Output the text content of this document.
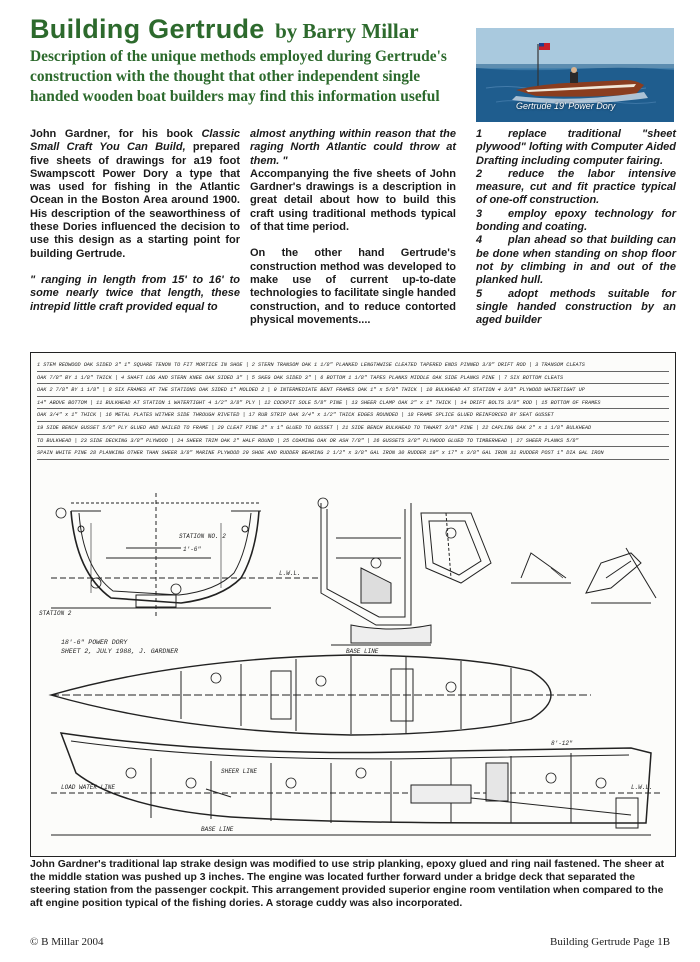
Building Gertrude by Barry Millar
Description of the unique methods employed during Gertrude's construction with the thought that other independent single handed wooden boat builders may find this information useful
Gertrude 19' Power Dory

John Gardner, for his book Classic Small Craft You Can Build, prepared five sheets of drawings for a19 foot Swampscott Power Dory a type that was used for fishing in the Atlantic Ocean in the Boston Area around 1900. His description of the seaworthiness of these Dories influenced the decision to use this design as a starting point for building Gertrude.

" ranging in length from 15' to 16' to some nearly twice that length, these intrepid little craft provided equal to

almost anything within reason that the raging North Atlantic could throw at them. "

Accompanying the five sheets of John Gardner's drawings is a description in great detail about how to build this craft using traditional methods typical of that time period.

On the other hand Gertrude's construction method was developed to make use of current up-to-date technologies to facilitate single handed construction, and to reduce contorted physical movements....

1 replace traditional "sheet plywood" lofting with Computer Aided Drafting including computer fairing.
2 reduce the labor intensive measure, cut and fit practice typical of one-off construction.
3 employ epoxy technology for bonding and coating.
4 plan ahead so that building can be done when standing on shop floor not by climbing in and out of the planked hull.
5 adopt methods suitable for single handed construction by an aged builder
1 STEM REDWOOD OAK SIDED 3" 1" SQUARE TENON TO FIT MORTICE IN SHOE | 2 STERN TRANSOM OAK 1 1/8" PLANKED LENGTHWISE CLEATED TAPERED ENDS PINNED 3/8" DRIFT ROD | 3 TRANSOM CLEATS
OAK 7/8" BY 1 1/8" THICK | 4 SHAFT LOG AND STERN KNEE OAK SIDED 3" | 5 SKEG OAK SIDED 3" | 6 BOTTOM 1 1/8" TAPES PLANKS MIDDLE OAK SIDE PLANKS PINE | 7 SIX BOTTOM CLEATS
OAK 2 7/8" BY 1 1/8" | 8 SIX FRAMES AT THE STATIONS OAK SIDED 1" MOLDED 2 | 9 INTERMEDIATE BENT FRAMES OAK 1" x 5/8" THICK | 10 BULKHEAD AT STATION 4 3/8" PLYWOOD WATERTIGHT UP
14" ABOVE BOTTOM | 11 BULKHEAD AT STATION 1 WATERTIGHT 4 1/2" 3/8" PLY | 12 COCKPIT SOLE 5/8" PINE | 13 SHEER CLAMP OAK 2" x 1" THICK | 14 DRIFT BOLTS 3/8" ROD | 15 BOTTOM OF FRAMES
OAK 3/4" x 1" THICK | 16 METAL PLATES WITHER SIDE THROUGH RIVETED | 17 RUB STRIP OAK 3/4" x 1/2" THICK EDGES ROUNDED | 18 FRAME SPLICE GLUED REINFORCED BY SEAT GUSSET
19 SIDE BENCH GUSSET 5/8" PLY GLUED AND NAILED TO FRAME | 20 CLEAT PINE 2" x 1" GLUED TO GUSSET | 21 SIDE BENCH BULKHEAD TO THWART 3/8" PINE | 22 CAPLING OAK 2" x 1 1/8" BULKHEAD
TO BULKHEAD | 23 SIDE DECKING 3/8" PLYWOOD | 24 SHEER TRIM OAK 2" HALF ROUND | 25 COAMING OAK OR ASH 7/8" | 26 GUSSETS 3/8" PLYWOOD GLUED TO TIMBERHEAD | 27 SHEER PLANKS 5/8"
SPAIN WHITE PINE 28 PLANKING OTHER THAN SHEER 3/8" MARINE PLYWOOD 29 SHOE AND RUDDER BEARING 2 1/2" x 3/8" GAL IRON 30 RUDDER 19" x 17" x 3/8" GAL IRON 31 RUDDER POST 1" DIA GAL IRON
STATION NO. 2
1'-6"
L.W.L.
BASE LINE
STATION 2
LOAD WATER LINE
SHEER LINE
BASE LINE
8'-12"
L.W.L.
18'-6" POWER DORY
SHEET 2, JULY 1988, J. GARDNER
John Gardner's traditional lap strake design was modified to use strip planking, epoxy glued and ring nail fastened. The sheer at the middle station was pushed up 3 inches. The engine was located further forward under a bridge deck that separated the steering station from the passenger cockpit. This arrangement provided superior engine room ventilation when compared to the aft engine position typical of the fishing dories. A storage cuddy was also incorporated.
© B Millar 2004	Building Gertrude Page 1B
